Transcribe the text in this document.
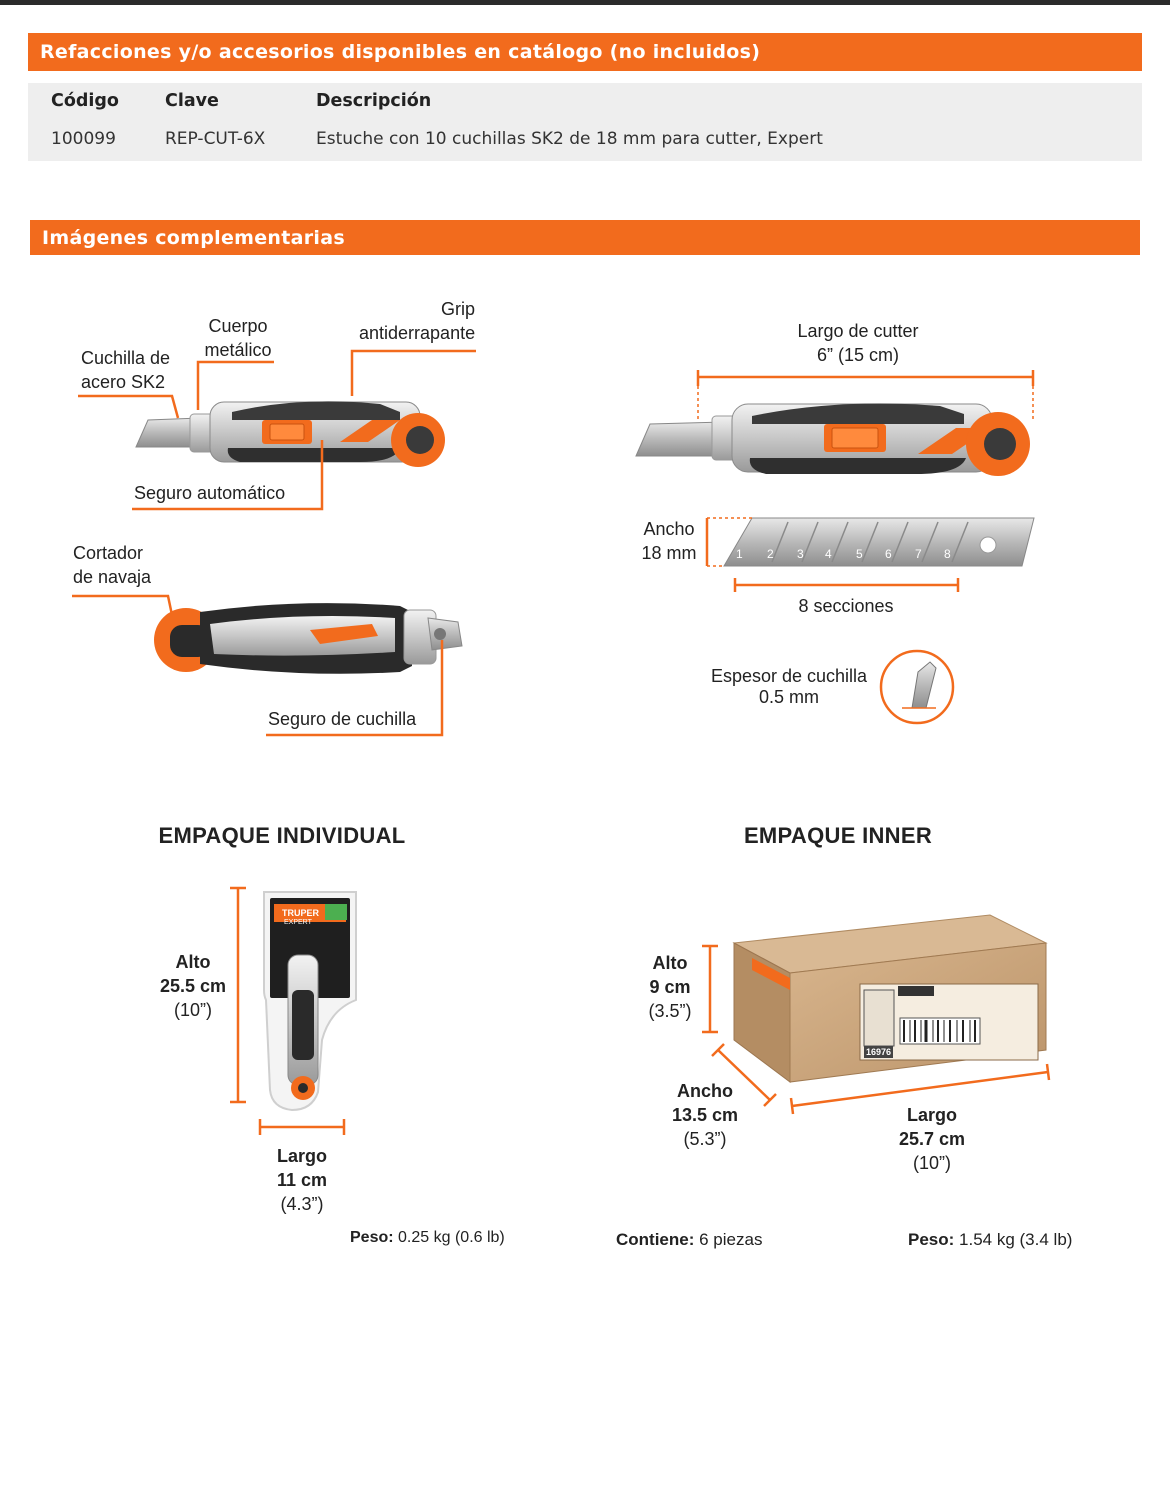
Refacciones y/o accesorios disponibles en catálogo (no incluidos)
Código	Clave	Descripción
100099	REP-CUT-6X	Estuche con 10 cuchillas SK2 de 18 mm para cutter, Expert
Imágenes complementarias
1 2 3 4 5 6 7 8
TRUPER
EXPERT
16976
Cuchilla de
acero SK2
Cuerpo
metálico
Grip
antiderrapante
Seguro automático
Cortador
de navaja
Seguro de cuchilla
Largo de cutter
6” (15 cm)
Ancho
18 mm
8 secciones
Espesor de cuchilla
0.5 mm
EMPAQUE INDIVIDUAL	EMPAQUE INNER
Alto
25.5 cm
(10”)
Largo
11 cm
(4.3”)
Peso: 0.25 kg (0.6 lb)
Alto
9 cm
(3.5”)
Ancho
13.5 cm
(5.3”)
Largo
25.7 cm
(10”)
Contiene: 6 piezas	Peso: 1.54 kg (3.4 lb)
